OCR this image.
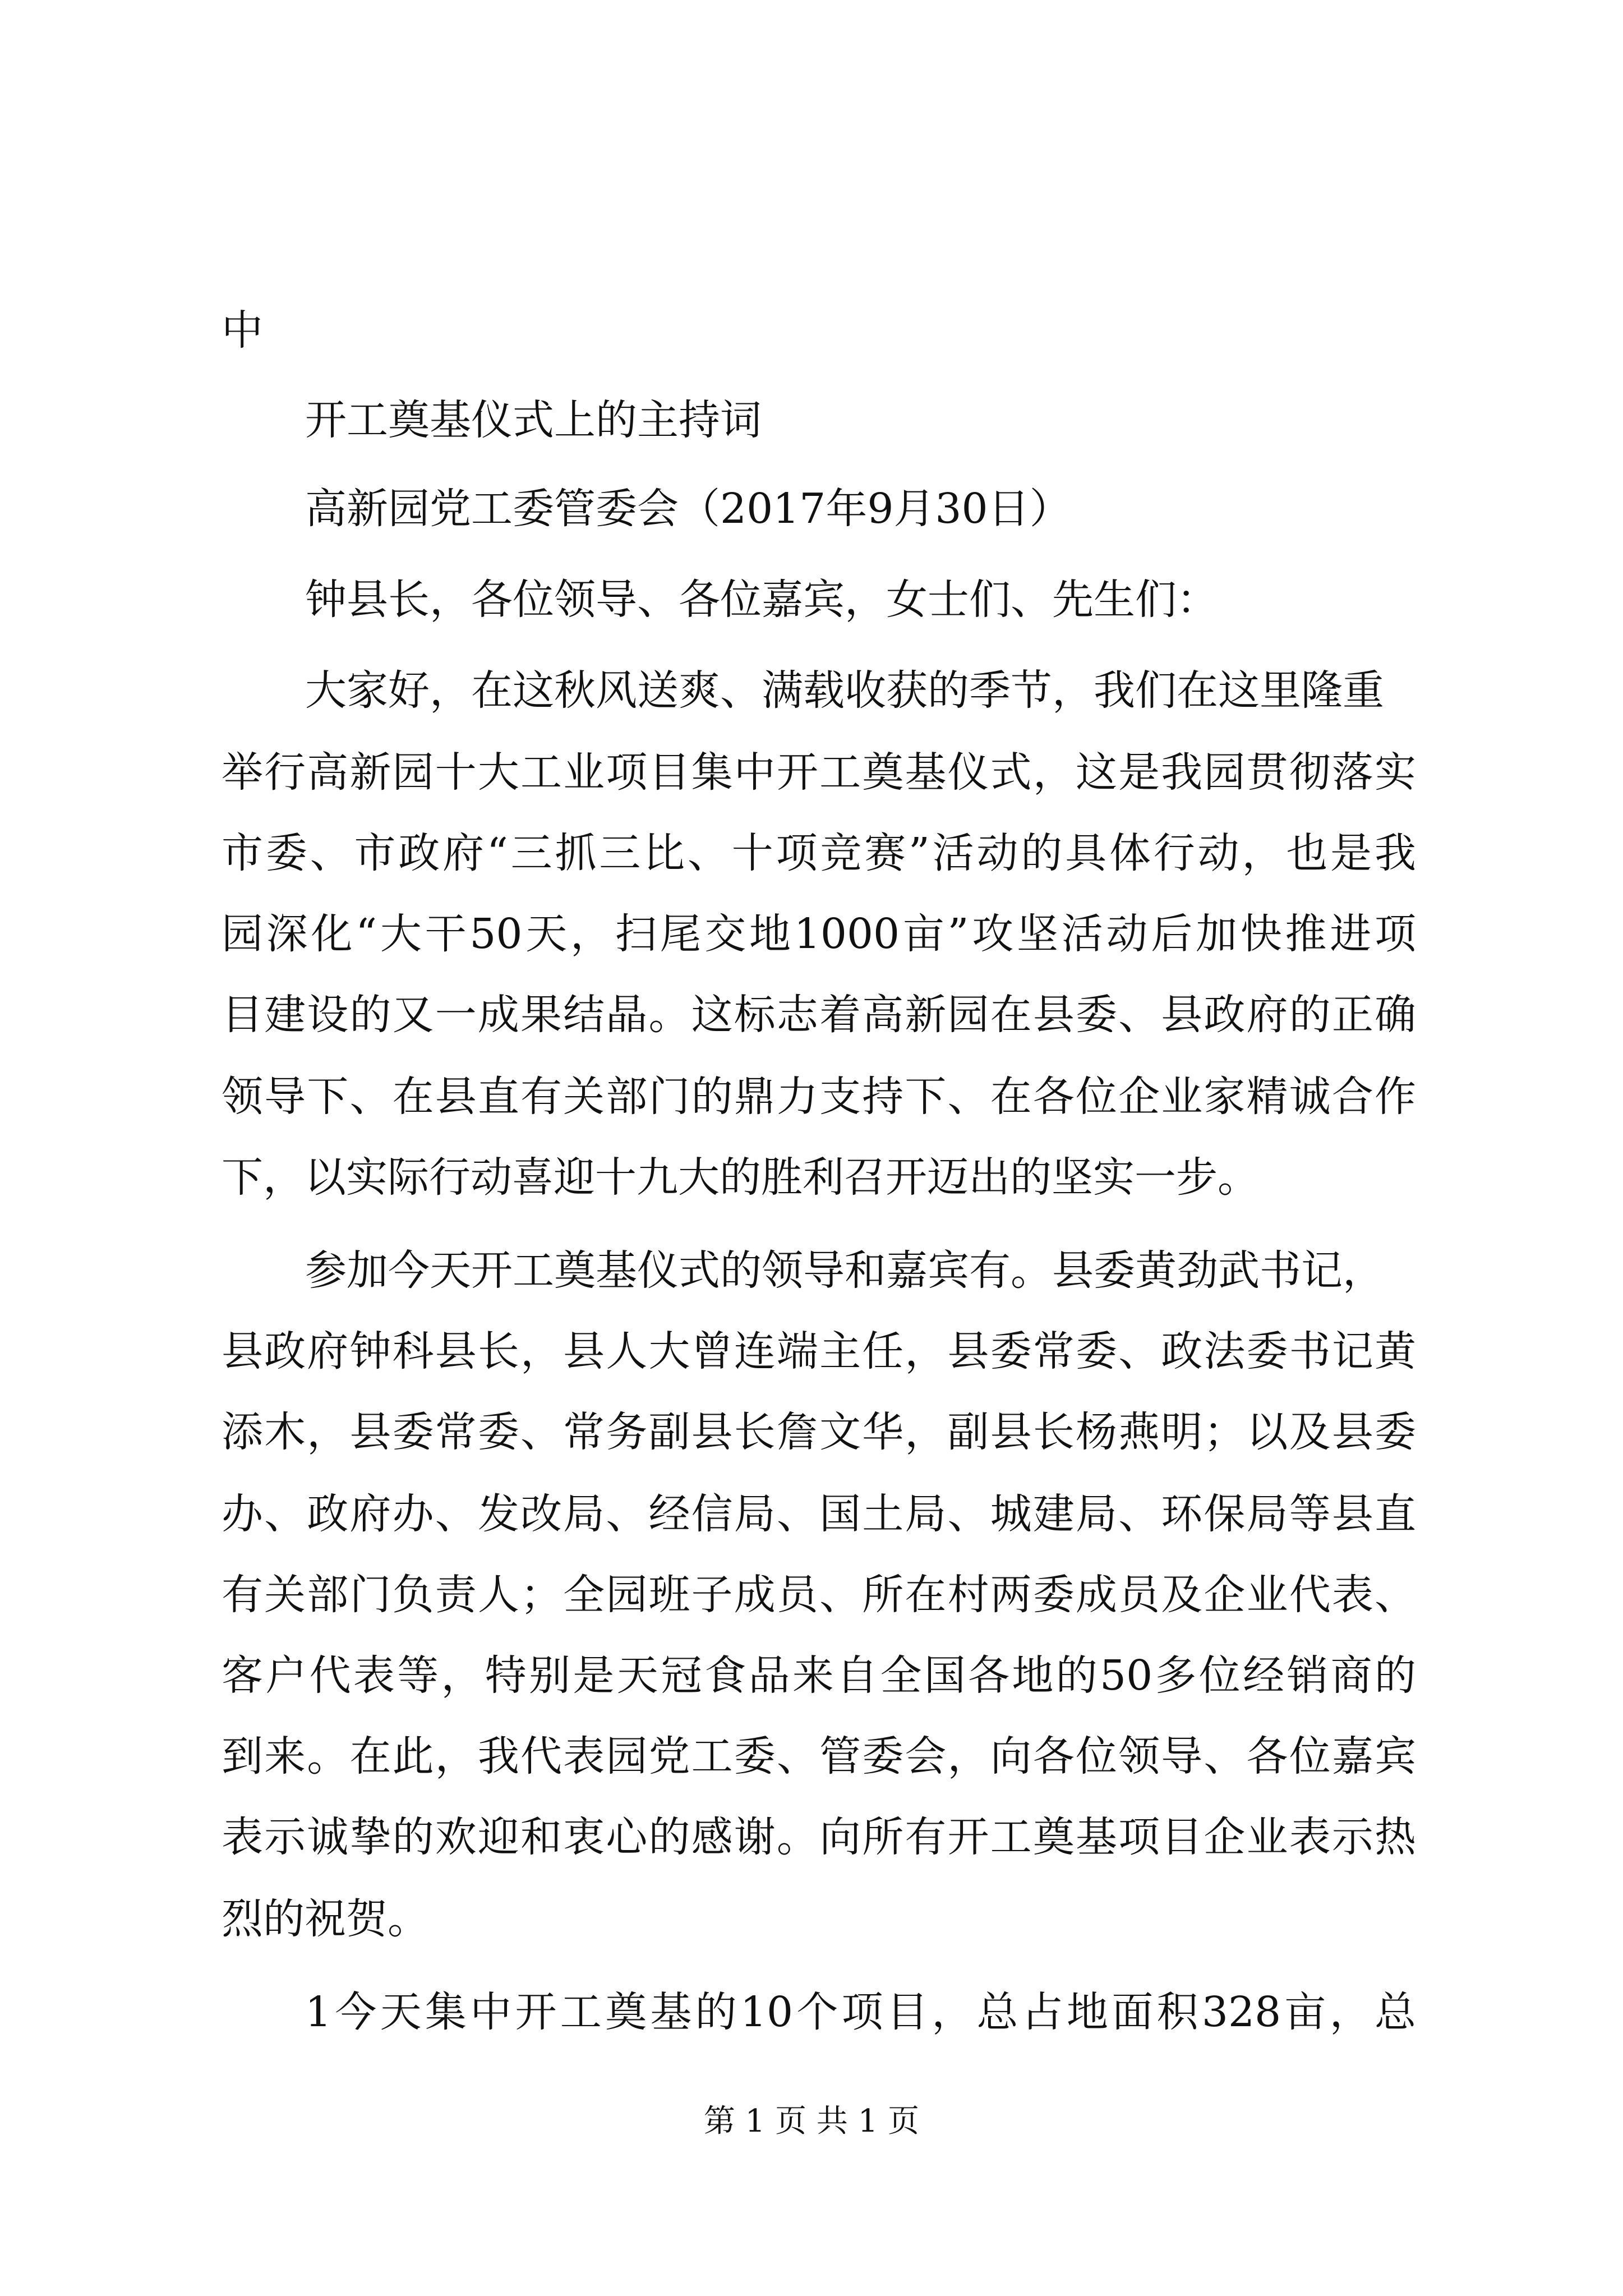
中
开工奠基仪式上的主持词
高新园党工委管委会（2017年9月30日）
钟县长，各位领导、各位嘉宾，女士们、先生们：
大家好，在这秋风送爽、满载收获的季节，我们在这里隆重
举行高新园十大工业项目集中开工奠基仪式，这是我园贯彻落实
市委、市政府“三抓三比、十项竞赛”活动的具体行动，也是我
园深化“大干50天，扫尾交地1000亩”攻坚活动后加快推进项
目建设的又一成果结晶。这标志着高新园在县委、县政府的正确
领导下、在县直有关部门的鼎力支持下、在各位企业家精诚合作
下，以实际行动喜迎十九大的胜利召开迈出的坚实一步。
参加今天开工奠基仪式的领导和嘉宾有。县委黄劲武书记，
县政府钟科县长，县人大曾连端主任，县委常委、政法委书记黄
添木，县委常委、常务副县长詹文华，副县长杨燕明；以及县委
办、政府办、发改局、经信局、国土局、城建局、环保局等县直
有关部门负责人；全园班子成员、所在村两委成员及企业代表、
客户代表等，特别是天冠食品来自全国各地的50多位经销商的
到来。在此，我代表园党工委、管委会，向各位领导、各位嘉宾
表示诚挚的欢迎和衷心的感谢。向所有开工奠基项目企业表示热
烈的祝贺。
1今天集中开工奠基的10个项目，总占地面积328亩，总
第 1 页 共 1 页
